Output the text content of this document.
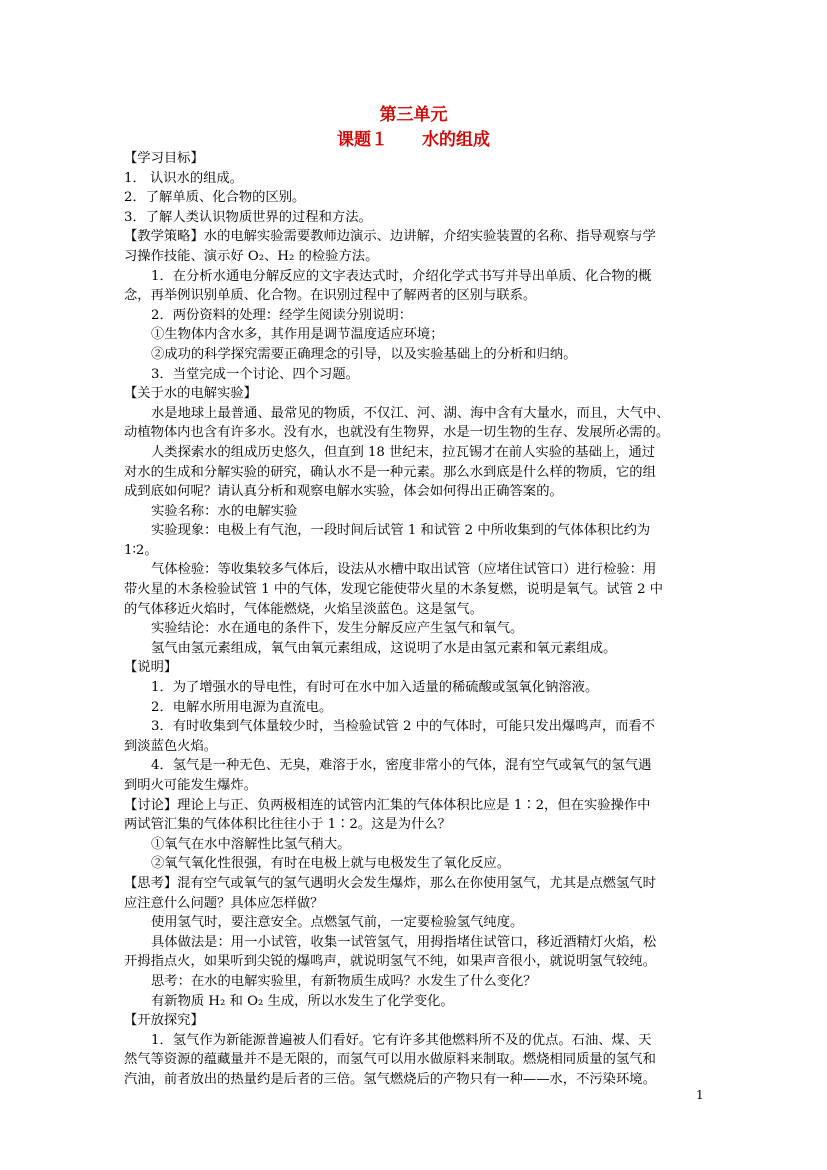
第三单元
课题１　　水的组成
【学习目标】
1． 认识水的组成。
2．了解单质、化合物的区别。
3．了解人类认识物质世界的过程和方法。
【教学策略】水的电解实验需要教师边演示、边讲解，介绍实验装置的名称、指导观察与学
习操作技能、演示好 O₂、H₂ 的检验方法。
1．在分析水通电分解反应的文字表达式时，介绍化学式书写并导出单质、化合物的概
念，再举例识别单质、化合物。在识别过程中了解两者的区别与联系。
2．两份资料的处理：经学生阅读分别说明：
①生物体内含水多，其作用是调节温度适应环境；
②成功的科学探究需要正确理念的引导，以及实验基础上的分析和归纳。
3．当堂完成一个讨论、四个习题。
【关于水的电解实验】
水是地球上最普通、最常见的物质，不仅江、河、湖、海中含有大量水，而且，大气中、
动植物体内也含有许多水。没有水，也就没有生物界，水是一切生物的生存、发展所必需的。
人类探索水的组成历史悠久，但直到 18 世纪末，拉瓦锡才在前人实验的基础上，通过
对水的生成和分解实验的研究，确认水不是一种元素。那么水到底是什么样的物质，它的组
成到底如何呢？请认真分析和观察电解水实验，体会如何得出正确答案的。
实验名称：水的电解实验
实验现象：电极上有气泡，一段时间后试管 1 和试管 2 中所收集到的气体体积比约为
1∶2。
气体检验：等收集较多气体后，设法从水槽中取出试管（应堵住试管口）进行检验：用
带火星的木条检验试管 1 中的气体，发现它能使带火星的木条复燃，说明是氧气。试管 2 中
的气体移近火焰时，气体能燃烧，火焰呈淡蓝色。这是氢气。
实验结论：水在通电的条件下，发生分解反应产生氢气和氧气。
氢气由氢元素组成，氧气由氧元素组成，这说明了水是由氢元素和氧元素组成。
【说明】
1．为了增强水的导电性，有时可在水中加入适量的稀硫酸或氢氧化钠溶液。
2．电解水所用电源为直流电。
3．有时收集到气体量较少时，当检验试管 2 中的气体时，可能只发出爆鸣声，而看不
到淡蓝色火焰。
4．氢气是一种无色、无臭，难溶于水，密度非常小的气体，混有空气或氧气的氢气遇
到明火可能发生爆炸。
【讨论】理论上与正、负两极相连的试管内汇集的气体体积比应是 1∶2，但在实验操作中
两试管汇集的气体体积比往往小于 1∶2。这是为什么？
①氧气在水中溶解性比氢气稍大。
②氧气氧化性很强，有时在电极上就与电极发生了氧化反应。
【思考】混有空气或氧气的氢气遇明火会发生爆炸，那么在你使用氢气，尤其是点燃氢气时
应注意什么问题？具体应怎样做？
使用氢气时，要注意安全。点燃氢气前，一定要检验氢气纯度。
具体做法是：用一小试管，收集一试管氢气，用拇指堵住试管口，移近酒精灯火焰，松
开拇指点火，如果听到尖锐的爆鸣声，就说明氢气不纯，如果声音很小，就说明氢气较纯。
思考：在水的电解实验里，有新物质生成吗？水发生了什么变化？
有新物质 H₂ 和 O₂ 生成，所以水发生了化学变化。
【开放探究】
1．氢气作为新能源普遍被人们看好。它有许多其他燃料所不及的优点。石油、煤、天
然气等资源的蕴藏量并不是无限的，而氢气可以用水做原料来制取。燃烧相同质量的氢气和
汽油，前者放出的热量约是后者的三倍。氢气燃烧后的产物只有一种——水，不污染环境。
1
